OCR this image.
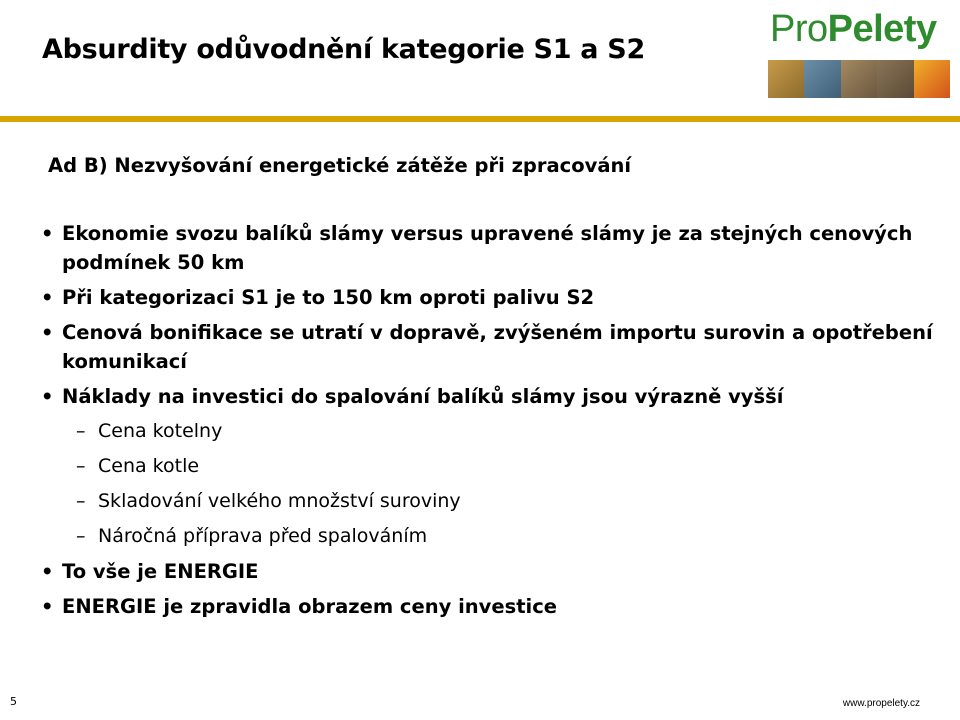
Absurdity odůvodnění kategorie S1 a S2	ProPelety
Ad B) Nezvyšování energetické zátěže při zpracování
• Ekonomie svozu balíků slámy versus upravené slámy je za stejných cenových podmínek 50 km
• Při kategorizaci S1 je to 150 km oproti palivu S2
• Cenová bonifikace se utratí v dopravě, zvýšeném importu surovin a opotřebení komunikací
• Náklady na investici do spalování balíků slámy jsou výrazně vyšší
– Cena kotelny
– Cena kotle
– Skladování velkého množství suroviny
– Náročná příprava před spalováním
• To vše je ENERGIE
• ENERGIE je zpravidla obrazem ceny investice
5	www.propelety.cz
